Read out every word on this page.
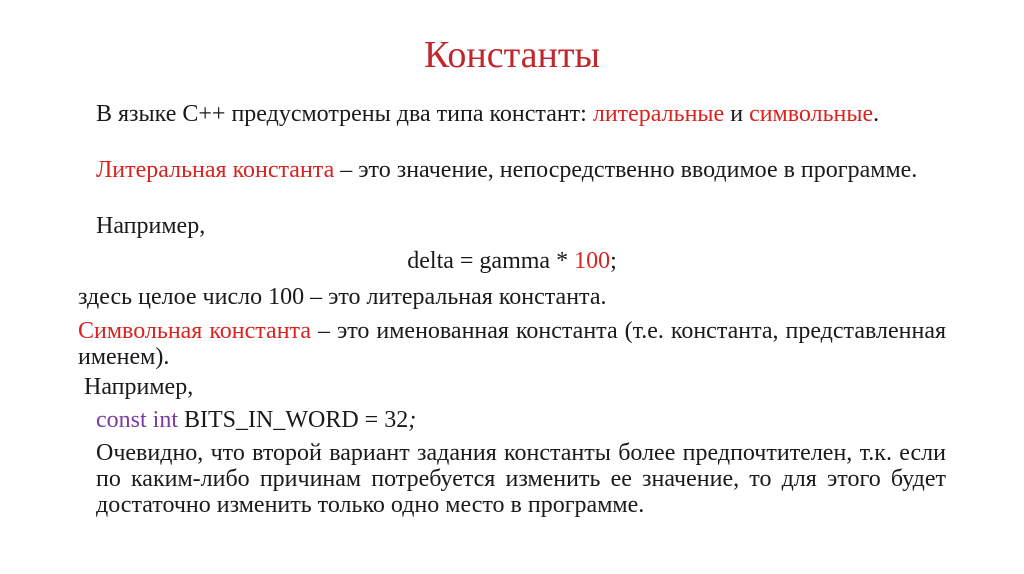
Константы

В языке С++ предусмотрены два типа констант: литеральные и символьные.

Литеральная константа – это значение, непосредственно вводимое в программе.

Например,

delta = gamma * 100;

здесь целое число 100 – это литеральная константа.

Символьная константа – это именованная константа (т.е. константа, представленная именем).

Например,

const int BITS_IN_WORD = 32;

Очевидно, что второй вариант задания константы более предпочтителен, т.к. если по каким-либо причинам потребуется изменить ее значение, то для этого будет достаточно изменить только одно место в программе.
